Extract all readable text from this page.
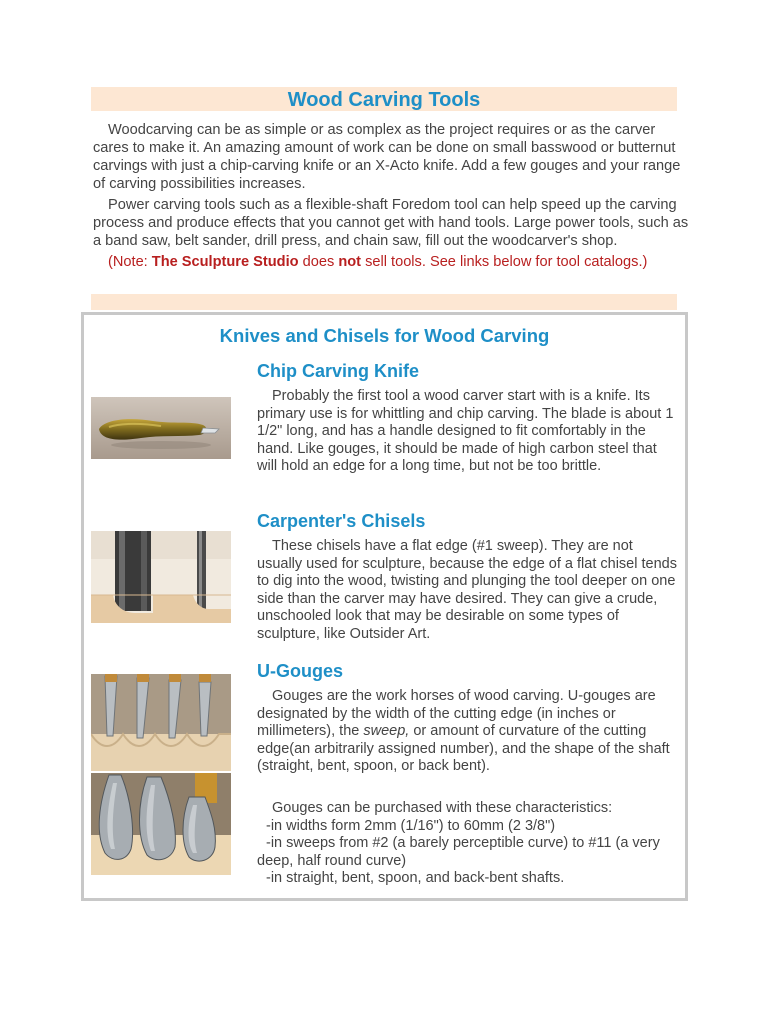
Wood Carving Tools

Woodcarving can be as simple or as complex as the project requires or as the carver cares to make it. An amazing amount of work can be done on small basswood or butternut carvings with just a chip-carving knife or an X-Acto knife. Add a few gouges and your range of carving possibilities increases.

Power carving tools such as a flexible-shaft Foredom tool can help speed up the carving process and produce effects that you cannot get with hand tools. Large power tools, such as a band saw, belt sander, drill press, and chain saw, fill out the woodcarver's shop.

(Note: The Sculpture Studio does not sell tools. See links below for tool catalogs.)

Knives and Chisels for Wood Carving
Chip Carving Knife

Probably the first tool a wood carver start with is a knife. Its primary use is for whittling and chip carving. The blade is about 1 1/2" long, and has a handle designed to fit comfortably in the hand. Like gouges, it should be made of high carbon steel that will hold an edge for a long time, but not be too brittle.

Carpenter's Chisels

These chisels have a flat edge (#1 sweep). They are not usually used for sculpture, because the edge of a flat chisel tends to dig into the wood, twisting and plunging the tool deeper on one side than the carver may have desired. They can give a crude, unschooled look that may be desirable on some types of sculpture, like Outsider Art.

U-Gouges

Gouges are the work horses of wood carving. U-gouges are designated by the width of the cutting edge (in inches or millimeters), the sweep, or amount of curvature of the cutting edge(an arbitrarily assigned number), and the shape of the shaft (straight, bent, spoon, or back bent).

Gouges can be purchased with these characteristics:

-in widths form 2mm (1/16") to 60mm (2 3/8")

-in sweeps from #2 (a barely perceptible curve) to #11 (a very deep, half round curve)

-in straight, bent, spoon, and back-bent shafts.
